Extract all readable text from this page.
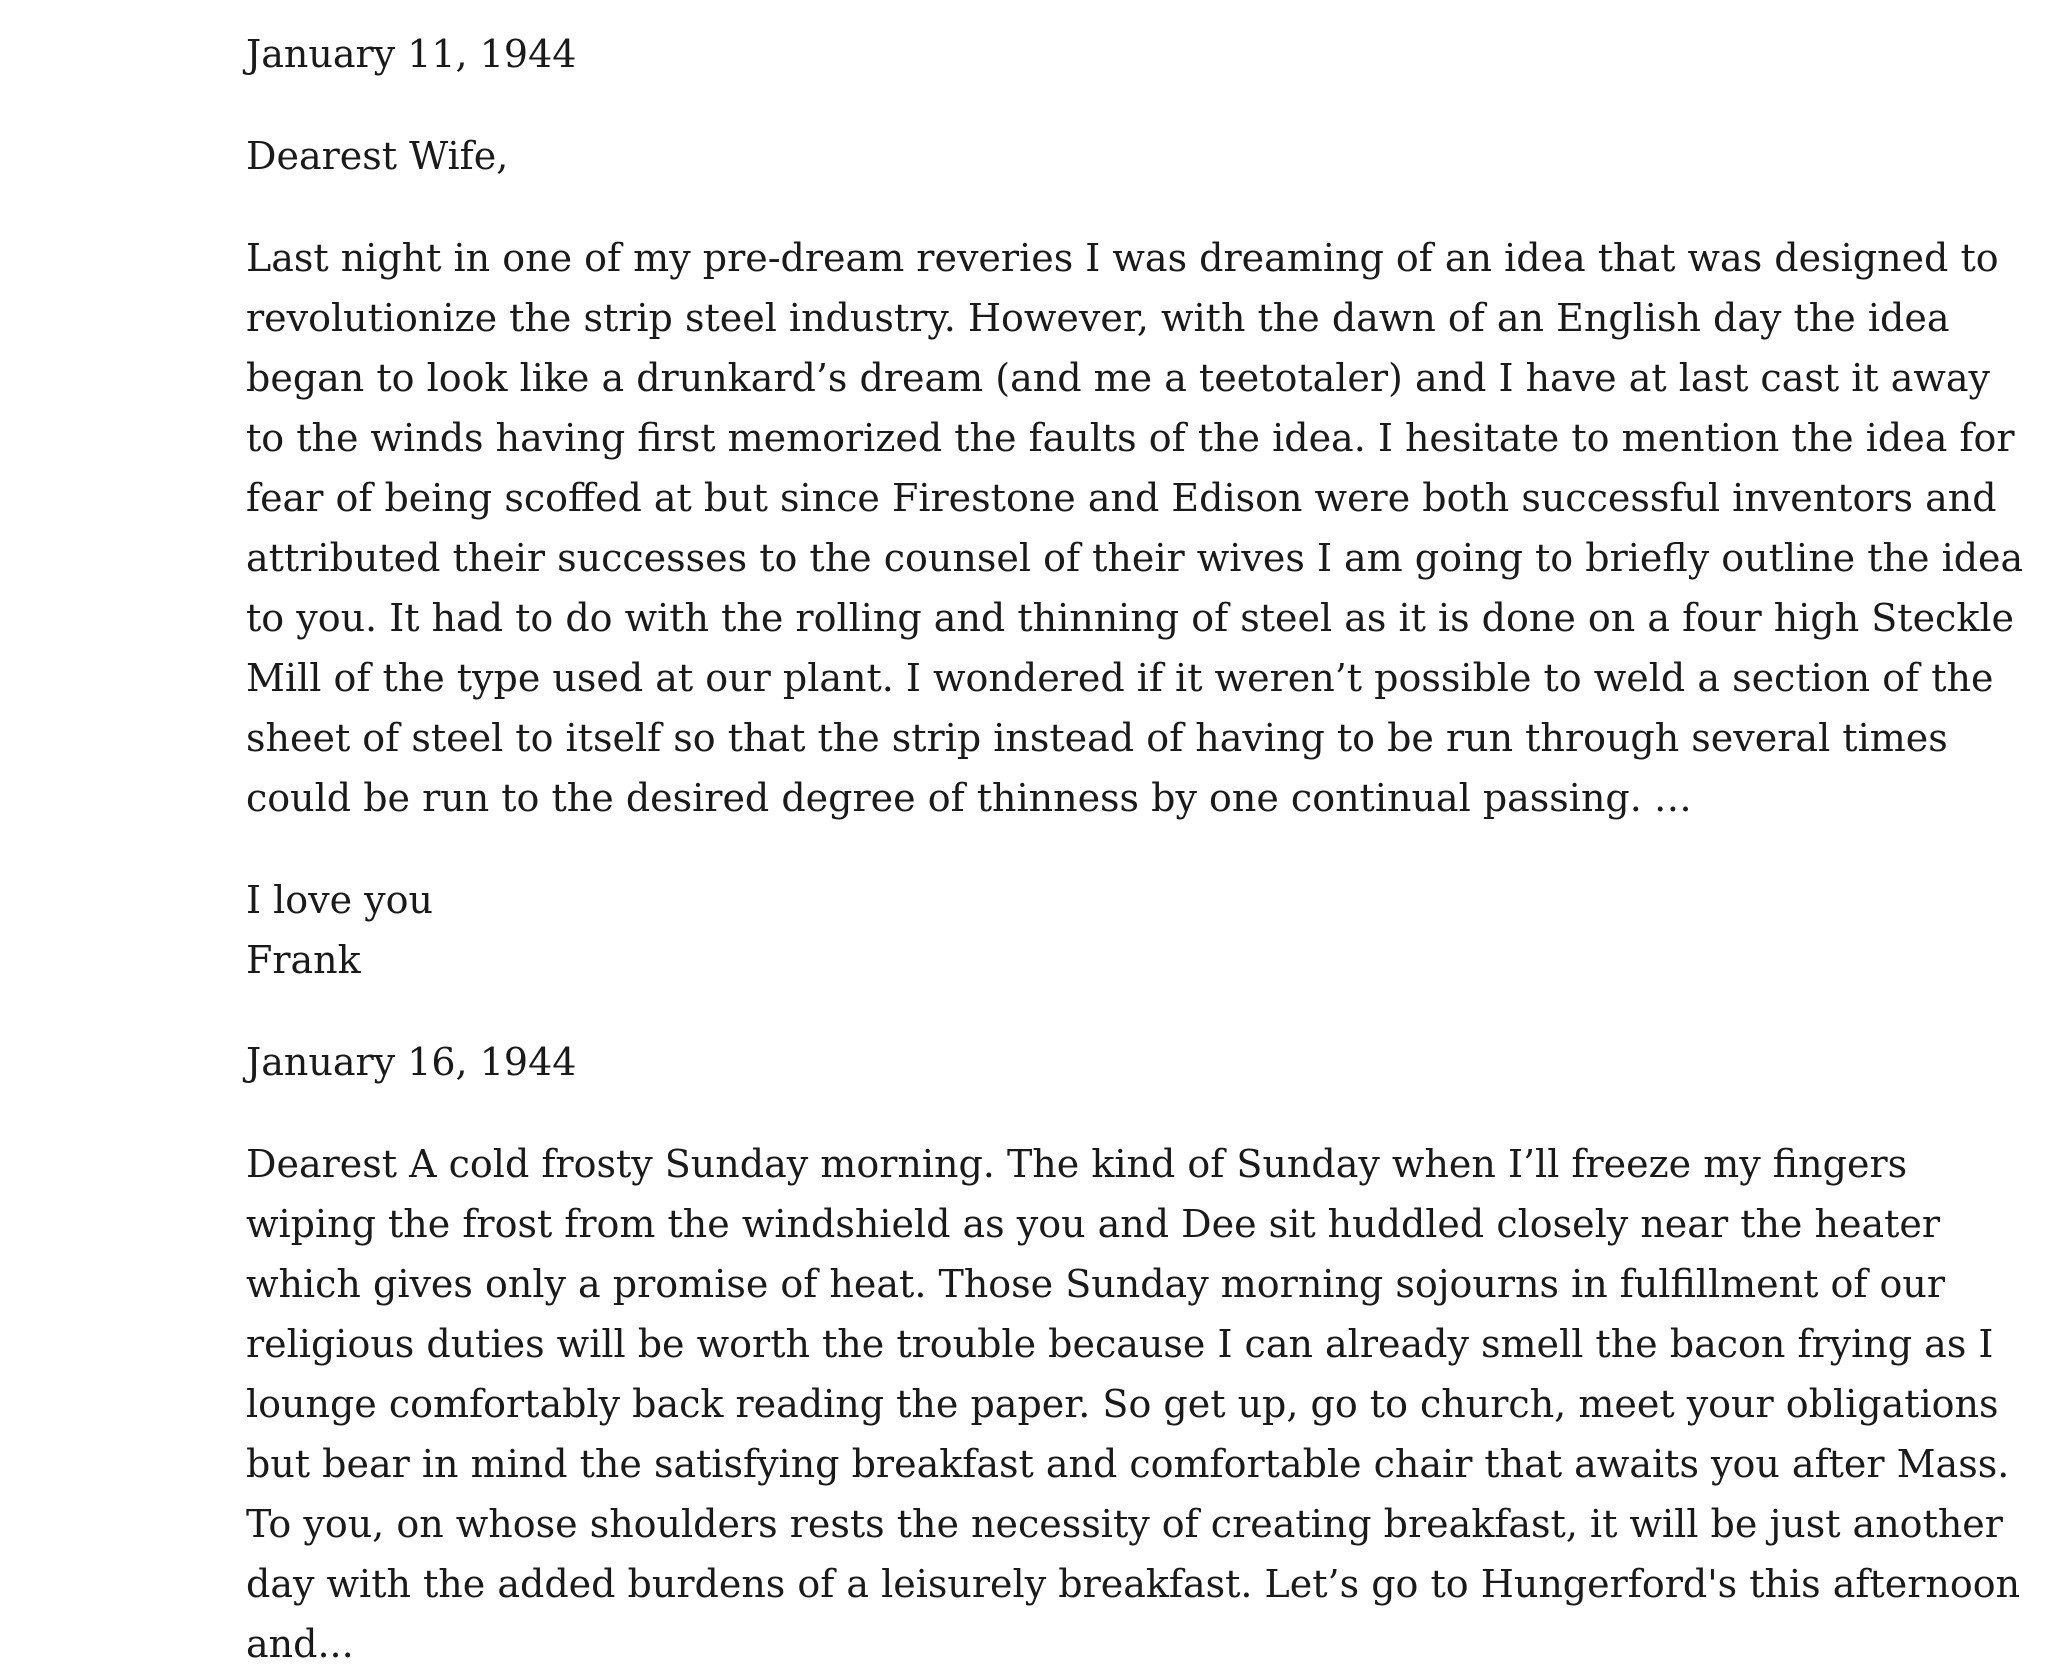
January 11, 1944
Dearest Wife,
Last night in one of my pre-dream reveries I was dreaming of an idea that was designed to revolutionize the strip steel industry. However, with the dawn of an English day the idea began to look like a drunkard’s dream (and me a teetotaler) and I have at last cast it away to the winds having first memorized the faults of the idea. I hesitate to mention the idea for fear of being scoffed at but since Firestone and Edison were both successful inventors and attributed their successes to the counsel of their wives I am going to briefly outline the idea to you. It had to do with the rolling and thinning of steel as it is done on a four high Steckle Mill of the type used at our plant. I wondered if it weren’t possible to weld a section of the sheet of steel to itself so that the strip instead of having to be run through several times could be run to the desired degree of thinness by one continual passing. …
I love you
Frank
January 16, 1944
Dearest A cold frosty Sunday morning. The kind of Sunday when I’ll freeze my fingers wiping the frost from the windshield as you and Dee sit huddled closely near the heater which gives only a promise of heat. Those Sunday morning sojourns in fulfillment of our religious duties will be worth the trouble because I can already smell the bacon frying as I lounge comfortably back reading the paper. So get up, go to church, meet your obligations but bear in mind the satisfying breakfast and comfortable chair that awaits you after Mass. To you, on whose shoulders rests the necessity of creating breakfast, it will be just another day with the added burdens of a leisurely breakfast. Let’s go to Hungerford's this afternoon and...
